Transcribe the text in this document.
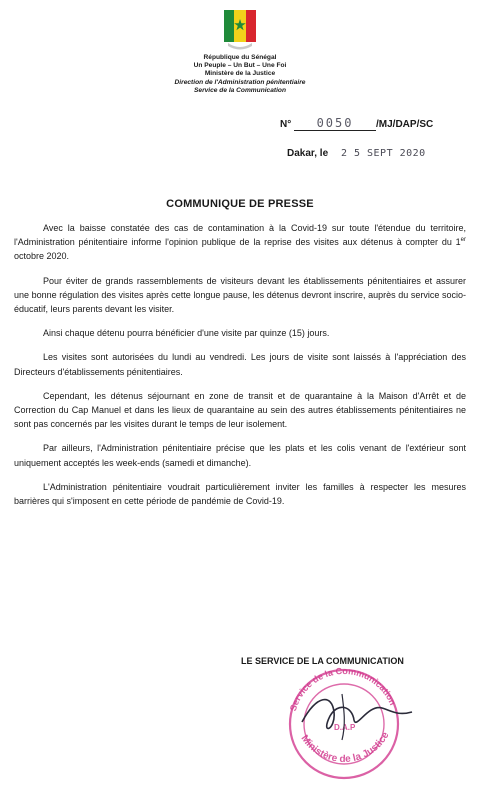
République du Sénégal
Un Peuple – Un But – Une Foi
Ministère de la Justice
Direction de l'Administration pénitentiaire
Service de la Communication
N° 0050 /MJ/DAP/SC
Dakar, le 2 5 SEPT 2020
COMMUNIQUE DE PRESSE

Avec la baisse constatée des cas de contamination à la Covid-19 sur toute l'étendue du territoire, l'Administration pénitentiaire informe l'opinion publique de la reprise des visites aux détenus à compter du 1er octobre 2020.

Pour éviter de grands rassemblements de visiteurs devant les établissements pénitentiaires et assurer une bonne régulation des visites après cette longue pause, les détenus devront inscrire, auprès du service socio-éducatif, leurs parents devant les visiter.

Ainsi chaque détenu pourra bénéficier d'une visite par quinze (15) jours.

Les visites sont autorisées du lundi au vendredi. Les jours de visite sont laissés à l'appréciation des Directeurs d'établissements pénitentiaires.

Cependant, les détenus séjournant en zone de transit et de quarantaine à la Maison d'Arrêt et de Correction du Cap Manuel et dans les lieux de quarantaine au sein des autres établissements pénitentiaires ne sont pas concernés par les visites durant le temps de leur isolement.

Par ailleurs, l'Administration pénitentiaire précise que les plats et les colis venant de l'extérieur sont uniquement acceptés les week-ends (samedi et dimanche).

L'Administration pénitentiaire voudrait particulièrement inviter les familles à respecter les mesures barrières qui s'imposent en cette période de pandémie de Covid-19.

LE SERVICE DE LA COMMUNICATION
Service de la Communication
Ministère de la Justice
D.A.P
